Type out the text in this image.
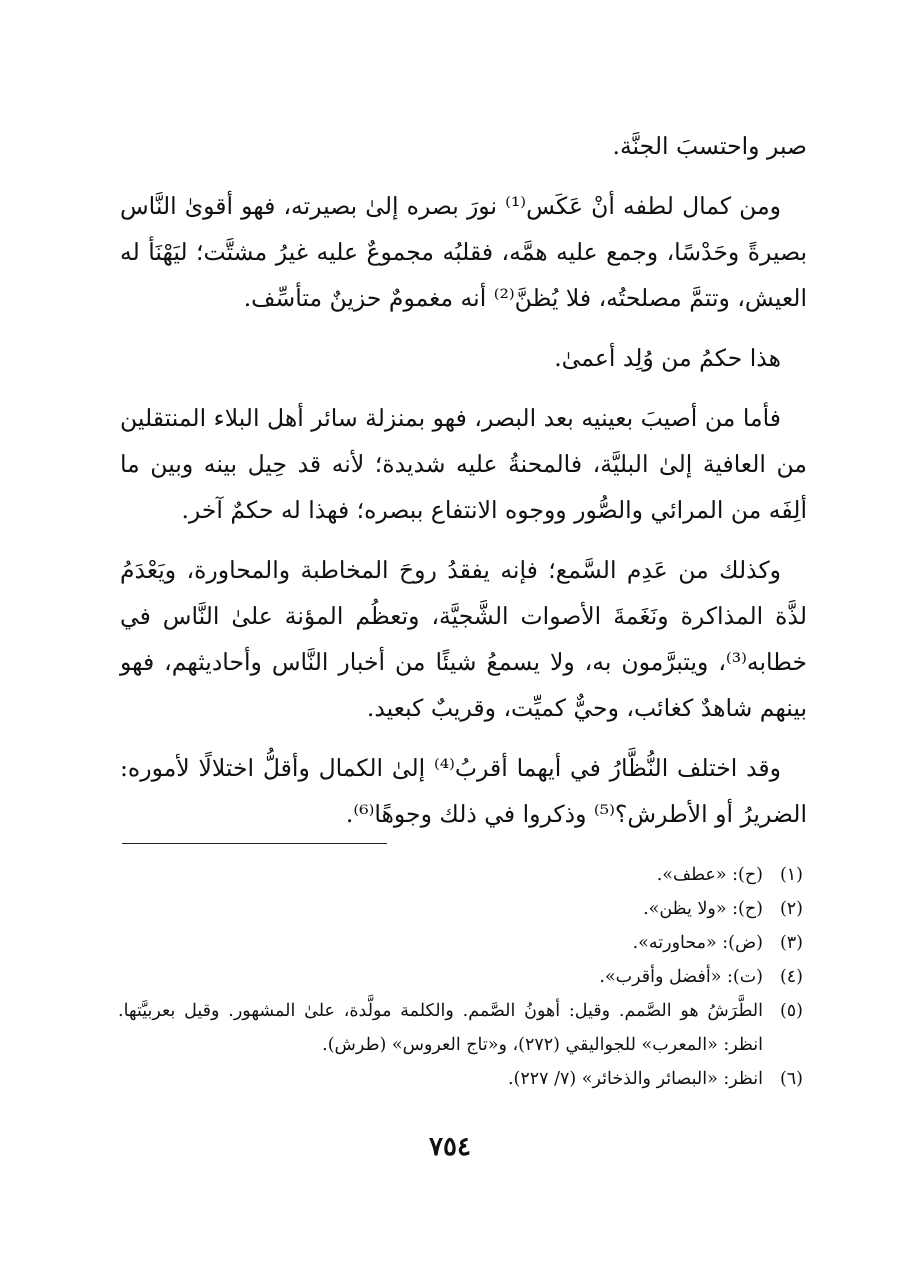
صبر واحتسبَ الجنَّة.

ومن كمال لطفه أنْ عَكَس⁽¹⁾ نورَ بصره إلىٰ بصيرته، فهو أقوىٰ النَّاس بصيرةً وحَدْسًا، وجمع عليه همَّه، فقلبُه مجموعٌ عليه غيرُ مشتَّت؛ ليَهْنَأ له العيش، وتتمَّ مصلحتُه، فلا يُظنَّ⁽²⁾ أنه مغمومٌ حزينٌ متأسِّف.

هذا حكمُ من وُلِد أعمىٰ.

فأما من أصيبَ بعينيه بعد البصر، فهو بمنزلة سائر أهل البلاء المنتقلين من العافية إلىٰ البليَّة، فالمحنةُ عليه شديدة؛ لأنه قد حِيل بينه وبين ما ألِفَه من المرائي والصُّور ووجوه الانتفاع ببصره؛ فهذا له حكمٌ آخر.

وكذلك من عَدِم السَّمع؛ فإنه يفقدُ روحَ المخاطبة والمحاورة، ويَعْدَمُ لذَّة المذاكرة ونَغَمةَ الأصوات الشَّجيَّة، وتعظُم المؤنة علىٰ النَّاس في خطابه⁽³⁾، ويتبرَّمون به، ولا يسمعُ شيئًا من أخبار النَّاس وأحاديثهم، فهو بينهم شاهدٌ كغائب، وحيٌّ كميِّت، وقريبٌ كبعيد.

وقد اختلف النُّظَّارُ في أيهما أقربُ⁽⁴⁾ إلىٰ الكمال وأقلُّ اختلالًا لأموره: الضريرُ أو الأطرش؟⁽⁵⁾ وذكروا في ذلك وجوهًا⁽⁶⁾.

(١)
(ح): «عطف».
(٢)
(ح): «ولا يظن».
(٣)
(ض): «محاورته».
(٤)
(ت): «أفضل وأقرب».
(٥)
الطَّرَشُ هو الصَّمم. وقيل: أهونُ الصَّمم. والكلمة مولَّدة، علىٰ المشهور. وقيل بعربيَّتها. انظر: «المعرب» للجواليقي (٢٧٢)، و«تاج العروس» (طرش).
(٦)
انظر: «البصائر والذخائر» (٧/ ٢٢٧).
٧٥٤
